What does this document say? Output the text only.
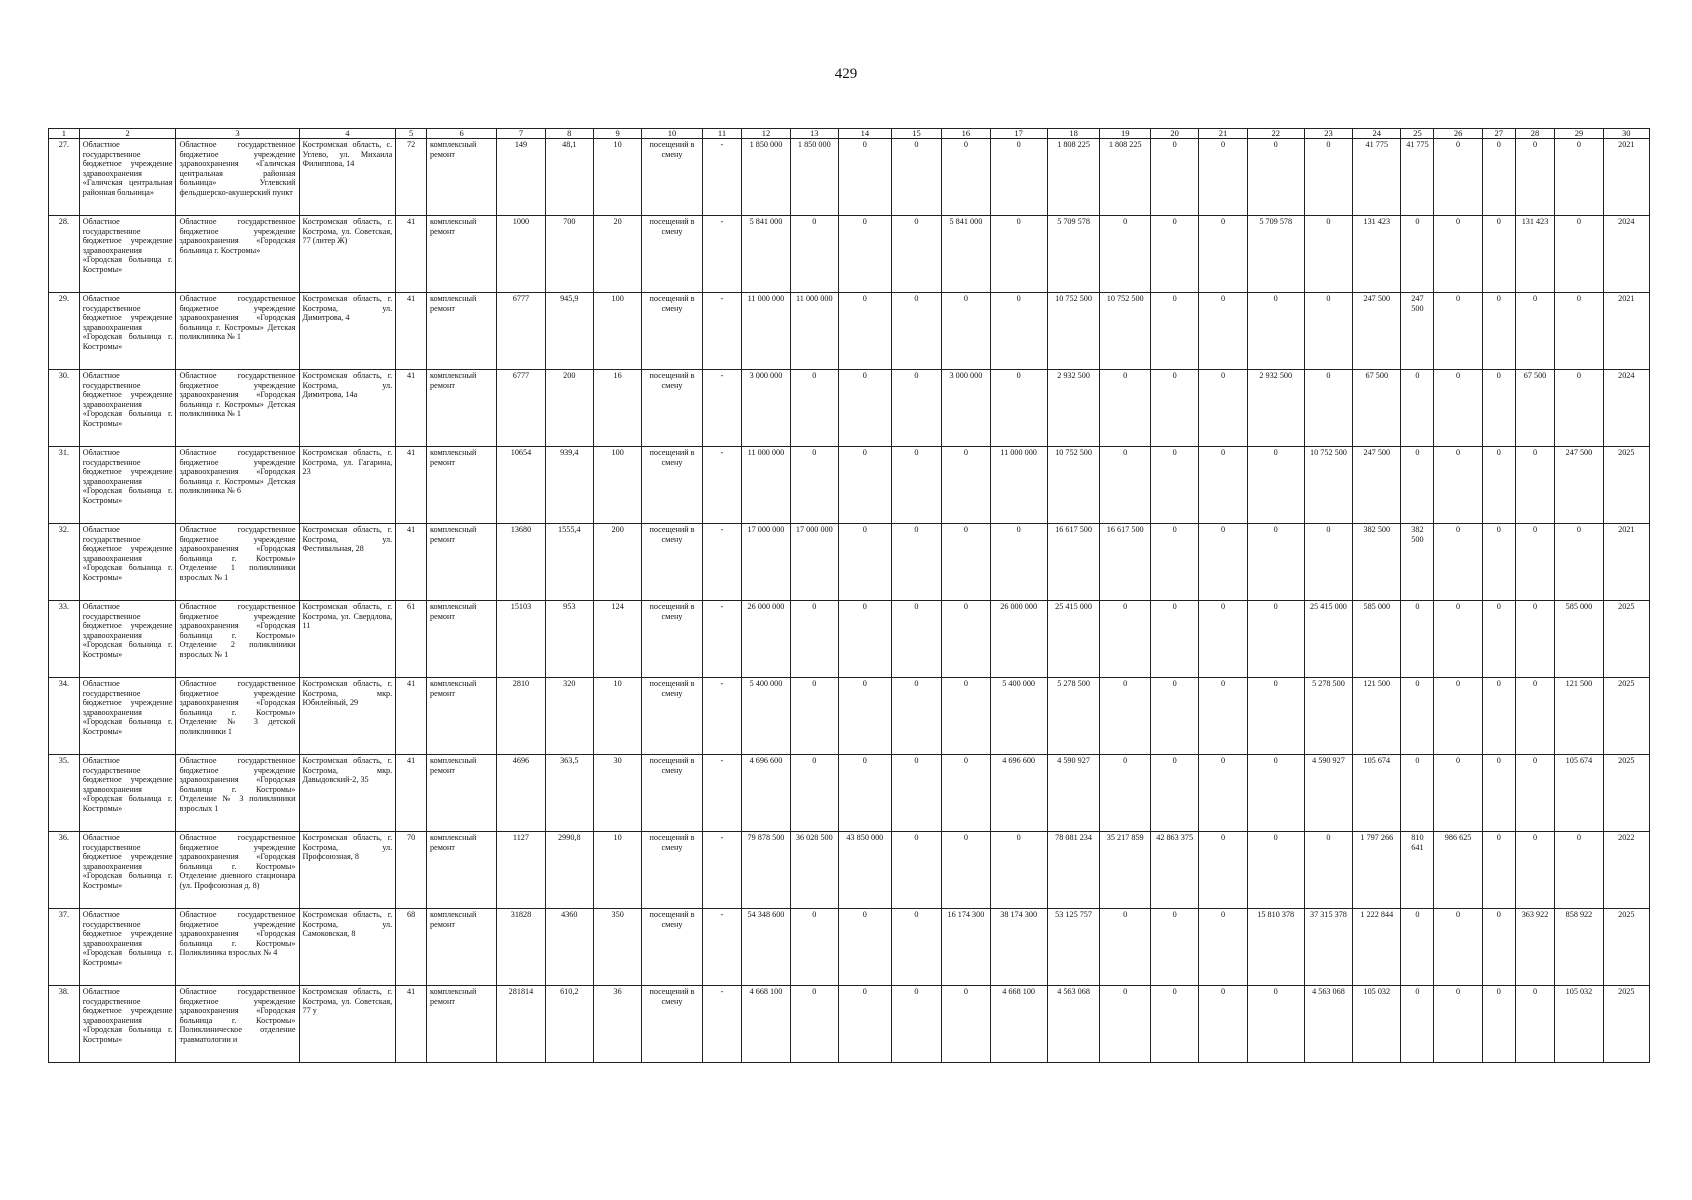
429
1	2	3	4	5	6	7	8	9	10	11	12	13	14	15	16	17	18	19	20	21	22	23	24	25	26	27	28	29	30
27.	Областное государственное бюджетное учреждение здравоохранения «Галичская центральная районная больница»	Областное государственное бюджетное учреждение здравоохранения «Галичская центральная районная больница» Углевский фельдшерско-акушерский пункт	Костромская область, с. Углево, ул. Михаила Филиппова, 14	72	комплексный ремонт	149	48,1	10	посещений в смену	-	1 850 000	1 850 000	0	0	0	0	1 808 225	1 808 225	0	0	0	0	41 775	41 775	0	0	0	0	2021
28.	Областное государственное бюджетное учреждение здравоохранения «Городская больница г. Костромы»	Областное государственное бюджетное учреждение здравоохранения «Городская больница г. Костромы»	Костромская область, г. Кострома, ул. Советская, 77 (литер Ж)	41	комплексный ремонт	1000	700	20	посещений в смену	-	5 841 000	0	0	0	5 841 000	0	5 709 578	0	0	0	5 709 578	0	131 423	0	0	0	131 423	0	2024
29.	Областное государственное бюджетное учреждение здравоохранения «Городская больница г. Костромы»	Областное государственное бюджетное учреждение здравоохранения «Городская больница г. Костромы» Детская поликлиника № 1	Костромская область, г. Кострома, ул. Димитрова, 4	41	комплексный ремонт	6777	945,9	100	посещений в смену	-	11 000 000	11 000 000	0	0	0	0	10 752 500	10 752 500	0	0	0	0	247 500	247 500	0	0	0	0	2021
30.	Областное государственное бюджетное учреждение здравоохранения «Городская больница г. Костромы»	Областное государственное бюджетное учреждение здравоохранения «Городская больница г. Костромы» Детская поликлиника № 1	Костромская область, г. Кострома, ул. Димитрова, 14а	41	комплексный ремонт	6777	200	16	посещений в смену	-	3 000 000	0	0	0	3 000 000	0	2 932 500	0	0	0	2 932 500	0	67 500	0	0	0	67 500	0	2024
31.	Областное государственное бюджетное учреждение здравоохранения «Городская больница г. Костромы»	Областное государственное бюджетное учреждение здравоохранения «Городская больница г. Костромы» Детская поликлиника № 6	Костромская область, г. Кострома, ул. Гагарина, 23	41	комплексный ремонт	10654	939,4	100	посещений в смену	-	11 000 000	0	0	0	0	11 000 000	10 752 500	0	0	0	0	10 752 500	247 500	0	0	0	0	247 500	2025
32.	Областное государственное бюджетное учреждение здравоохранения «Городская больница г. Костромы»	Областное государственное бюджетное учреждение здравоохранения «Городская больница г. Костромы» Отделение 1 поликлиники взрослых № 1	Костромская область, г. Кострома, ул. Фестивальная, 28	41	комплексный ремонт	13680	1555,4	200	посещений в смену	-	17 000 000	17 000 000	0	0	0	0	16 617 500	16 617 500	0	0	0	0	382 500	382 500	0	0	0	0	2021
33.	Областное государственное бюджетное учреждение здравоохранения «Городская больница г. Костромы»	Областное государственное бюджетное учреждение здравоохранения «Городская больница г. Костромы» Отделение 2 поликлиники взрослых № 1	Костромская область, г. Кострома, ул. Свердлова, 11	61	комплексный ремонт	15103	953	124	посещений в смену	-	26 000 000	0	0	0	0	26 000 000	25 415 000	0	0	0	0	25 415 000	585 000	0	0	0	0	585 000	2025
34.	Областное государственное бюджетное учреждение здравоохранения «Городская больница г. Костромы»	Областное государственное бюджетное учреждение здравоохранения «Городская больница г. Костромы» Отделение № 3 детской поликлиники 1	Костромская область, г. Кострома, мкр. Юбилейный, 29	41	комплексный ремонт	2810	320	10	посещений в смену	-	5 400 000	0	0	0	0	5 400 000	5 278 500	0	0	0	0	5 278 500	121 500	0	0	0	0	121 500	2025
35.	Областное государственное бюджетное учреждение здравоохранения «Городская больница г. Костромы»	Областное государственное бюджетное учреждение здравоохранения «Городская больница г. Костромы» Отделение № 3 поликлиники взрослых 1	Костромская область, г. Кострома, мкр. Давыдовский-2, 35	41	комплексный ремонт	4696	363,5	30	посещений в смену	-	4 696 600	0	0	0	0	4 696 600	4 590 927	0	0	0	0	4 590 927	105 674	0	0	0	0	105 674	2025
36.	Областное государственное бюджетное учреждение здравоохранения «Городская больница г. Костромы»	Областное государственное бюджетное учреждение здравоохранения «Городская больница г. Костромы» Отделение дневного стационара (ул. Профсоюзная д. 8)	Костромская область, г. Кострома, ул. Профсоюзная, 8	70	комплексный ремонт	1127	2990,8	10	посещений в смену	-	79 878 500	36 028 500	43 850 000	0	0	0	78 081 234	35 217 859	42 863 375	0	0	0	1 797 266	810 641	986 625	0	0	0	2022
37.	Областное государственное бюджетное учреждение здравоохранения «Городская больница г. Костромы»	Областное государственное бюджетное учреждение здравоохранения «Городская больница г. Костромы» Поликлиника взрослых № 4	Костромская область, г. Кострома, ул. Самоковская, 8	68	комплексный ремонт	31828	4360	350	посещений в смену	-	54 348 600	0	0	0	16 174 300	38 174 300	53 125 757	0	0	0	15 810 378	37 315 378	1 222 844	0	0	0	363 922	858 922	2025
38.	Областное государственное бюджетное учреждение здравоохранения «Городская больница г. Костромы»	Областное государственное бюджетное учреждение здравоохранения «Городская больница г. Костромы» Поликлиническое отделение травматологии и	Костромская область, г. Кострома, ул. Советская, 77 у	41	комплексный ремонт	281814	610,2	36	посещений в смену	-	4 668 100	0	0	0	0	4 668 100	4 563 068	0	0	0	0	4 563 068	105 032	0	0	0	0	105 032	2025
